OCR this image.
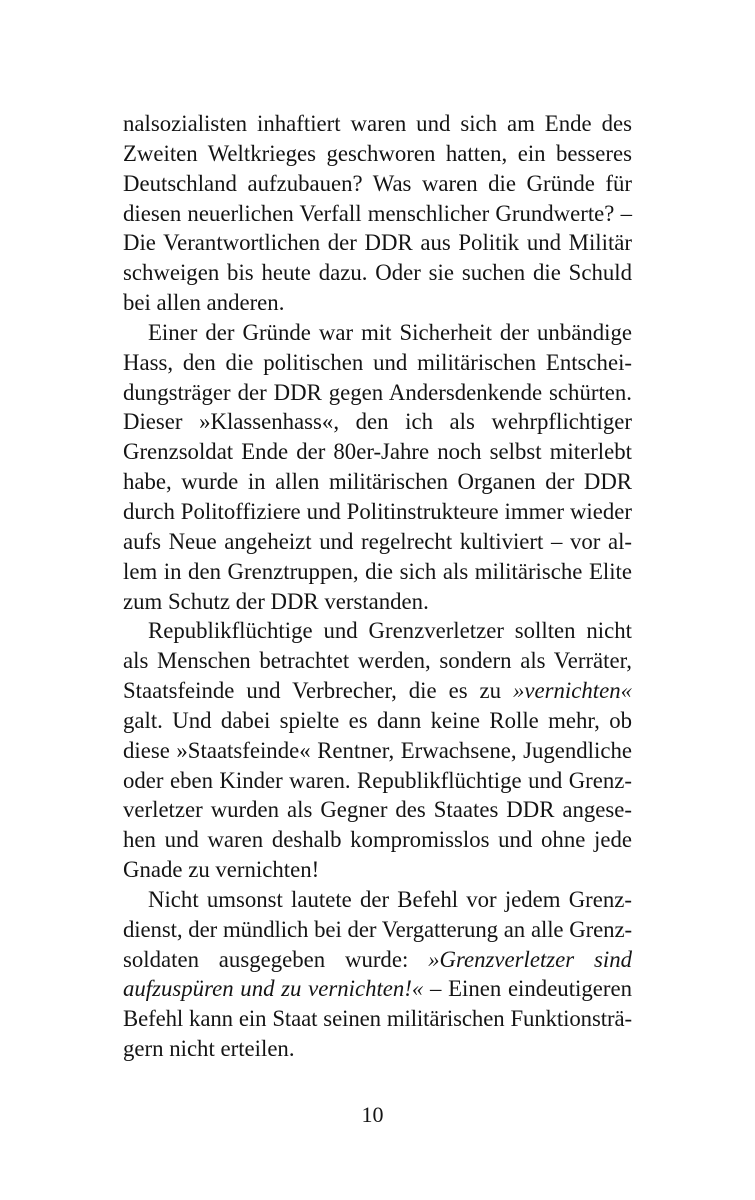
nalsozialisten inhaftiert waren und sich am Ende des
Zweiten Weltkrieges geschworen hatten, ein besseres
Deutschland aufzubauen? Was waren die Gründe für
diesen neuerlichen Verfall menschlicher Grundwerte? –
Die Verantwortlichen der DDR aus Politik und Militär
schweigen bis heute dazu. Oder sie suchen die Schuld
bei allen anderen.
Einer der Gründe war mit Sicherheit der unbändige
Hass, den die politischen und militärischen Entschei-
dungsträger der DDR gegen Andersdenkende schürten.
Dieser »Klassenhass«, den ich als wehrpflichtiger
Grenzsoldat Ende der 80er-Jahre noch selbst miterlebt
habe, wurde in allen militärischen Organen der DDR
durch Politoffiziere und Politinstrukteure immer wieder
aufs Neue angeheizt und regelrecht kultiviert – vor al-
lem in den Grenztruppen, die sich als militärische Elite
zum Schutz der DDR verstanden.
Republikflüchtige und Grenzverletzer sollten nicht
als Menschen betrachtet werden, sondern als Verräter,
Staatsfeinde und Verbrecher, die es zu »vernichten«
galt. Und dabei spielte es dann keine Rolle mehr, ob
diese »Staatsfeinde« Rentner, Erwachsene, Jugendliche
oder eben Kinder waren. Republikflüchtige und Grenz-
verletzer wurden als Gegner des Staates DDR angese-
hen und waren deshalb kompromisslos und ohne jede
Gnade zu vernichten!
Nicht umsonst lautete der Befehl vor jedem Grenz-
dienst, der mündlich bei der Vergatterung an alle Grenz-
soldaten ausgegeben wurde: »Grenzverletzer sind
aufzuspüren und zu vernichten!« – Einen eindeutigeren
Befehl kann ein Staat seinen militärischen Funktionsträ-
gern nicht erteilen.
10
